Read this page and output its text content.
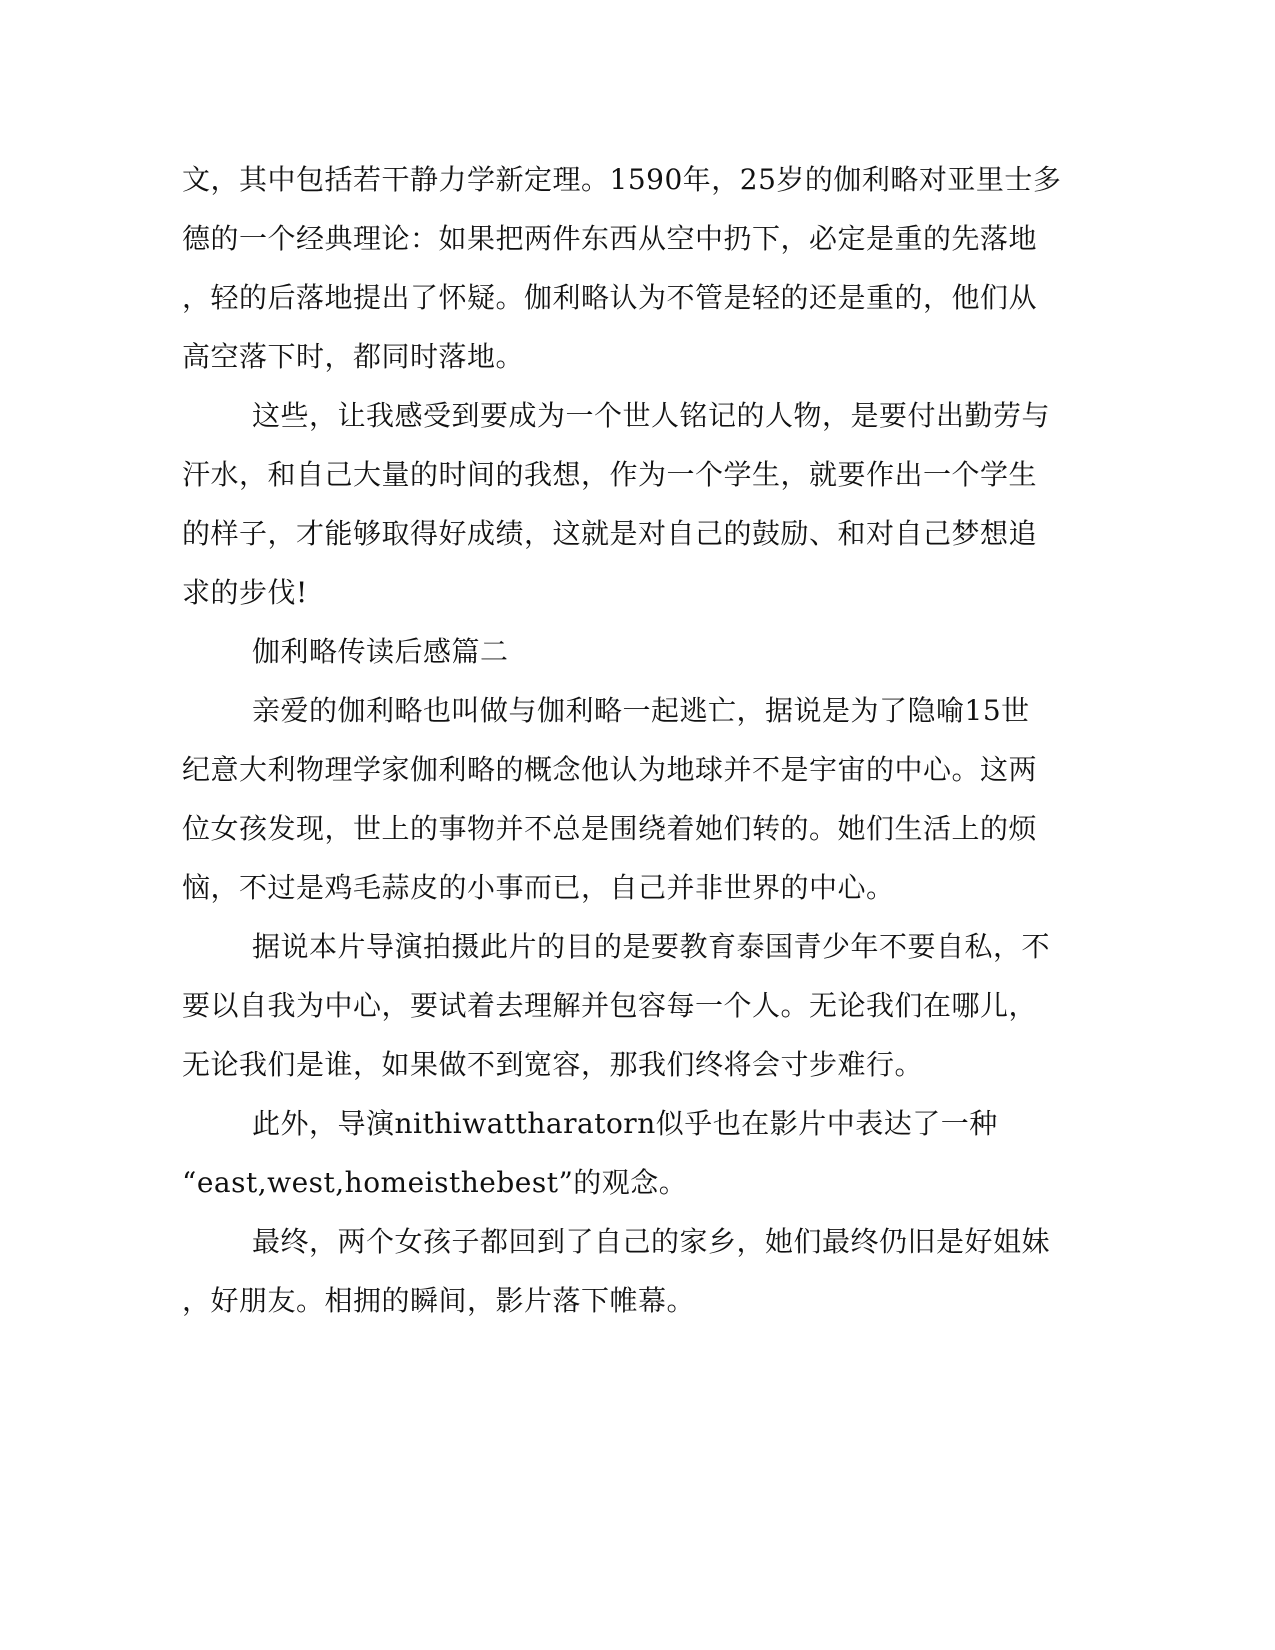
文，其中包括若干静力学新定理。1590年，25岁的伽利略对亚里士多
德的一个经典理论：如果把两件东西从空中扔下，必定是重的先落地
，轻的后落地提出了怀疑。伽利略认为不管是轻的还是重的，他们从
高空落下时，都同时落地。
这些，让我感受到要成为一个世人铭记的人物，是要付出勤劳与
汗水，和自己大量的时间的我想，作为一个学生，就要作出一个学生
的样子，才能够取得好成绩，这就是对自己的鼓励、和对自己梦想追
求的步伐!
伽利略传读后感篇二
亲爱的伽利略也叫做与伽利略一起逃亡，据说是为了隐喻15世
纪意大利物理学家伽利略的概念他认为地球并不是宇宙的中心。这两
位女孩发现，世上的事物并不总是围绕着她们转的。她们生活上的烦
恼，不过是鸡毛蒜皮的小事而已，自己并非世界的中心。
据说本片导演拍摄此片的目的是要教育泰国青少年不要自私，不
要以自我为中心，要试着去理解并包容每一个人。无论我们在哪儿，
无论我们是谁，如果做不到宽容，那我们终将会寸步难行。
此外，导演nithiwattharatorn似乎也在影片中表达了一种
“east,west,homeisthebest”的观念。
最终，两个女孩子都回到了自己的家乡，她们最终仍旧是好姐妹
，好朋友。相拥的瞬间，影片落下帷幕。
